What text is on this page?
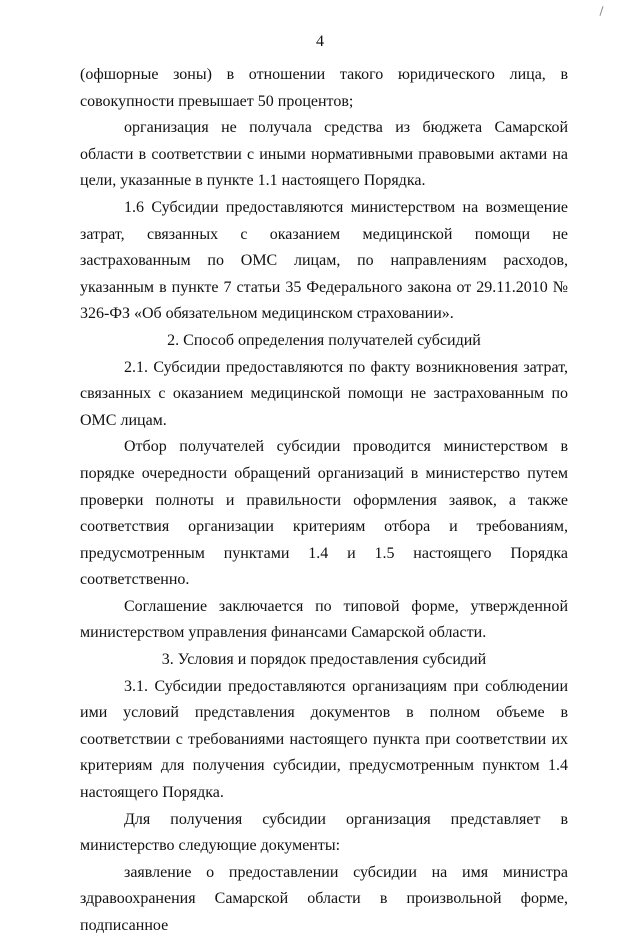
4

(офшорные зоны) в отношении такого юридического лица, в совокупности превышает 50 процентов;

организация не получала средства из бюджета Самарской области в соответствии с иными нормативными правовыми актами на цели, указанные в пункте 1.1 настоящего Порядка.

1.6 Субсидии предоставляются министерством на возмещение затрат, связанных с оказанием медицинской помощи не застрахованным по ОМС лицам, по направлениям расходов, указанным в пункте 7 статьи 35 Федерального закона от 29.11.2010 № 326-ФЗ «Об обязательном медицинском страховании».

2. Способ определения получателей субсидий

2.1. Субсидии предоставляются по факту возникновения затрат, связанных с оказанием медицинской помощи не застрахованным по ОМС лицам.

Отбор получателей субсидии проводится министерством в порядке очередности обращений организаций в министерство путем проверки полноты и правильности оформления заявок, а также соответствия организации критериям отбора и требованиям, предусмотренным пунктами 1.4 и 1.5 настоящего Порядка соответственно.

Соглашение заключается по типовой форме, утвержденной министерством управления финансами Самарской области.

3. Условия и порядок предоставления субсидий

3.1. Субсидии предоставляются организациям при соблюдении ими условий представления документов в полном объеме в соответствии с требованиями настоящего пункта при соответствии их критериям для получения субсидии, предусмотренным пунктом 1.4 настоящего Порядка.

Для получения субсидии организация представляет в министерство следующие документы:

заявление о предоставлении субсидии на имя министра здравоохранения Самарской области в произвольной форме, подписанное
